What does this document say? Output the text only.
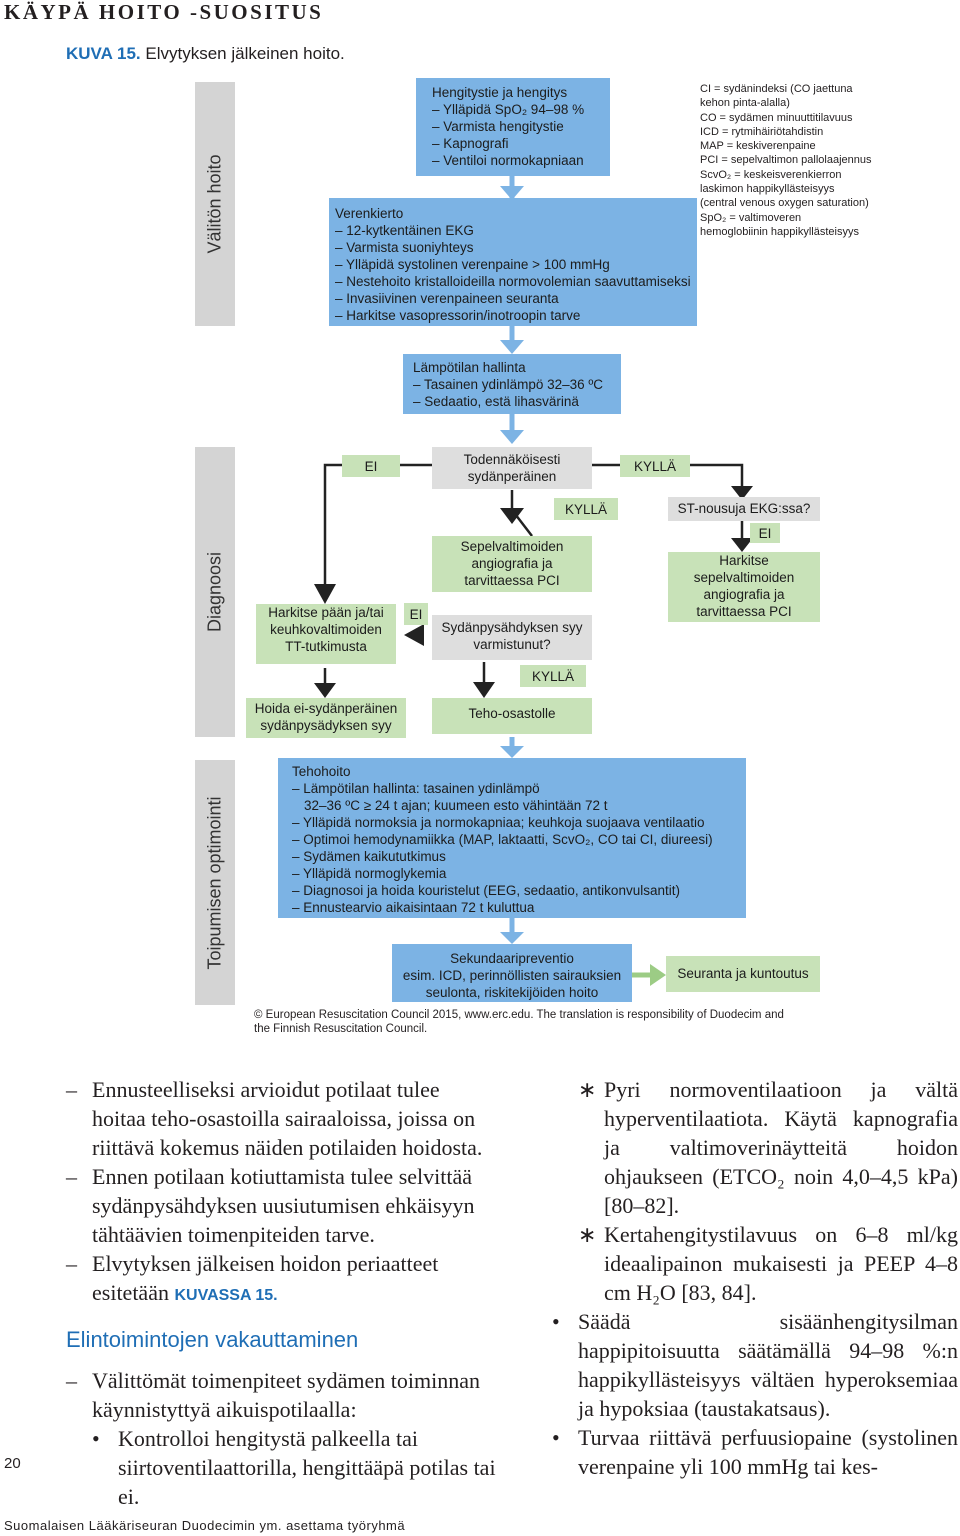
KÄYPÄ HOITO -SUOSITUS
KUVA 15. Elvytyksen jälkeinen hoito.
Välitön hoito
Diagnoosi
Toipumisen optimointi
Hengitystie ja hengitys
– Ylläpidä SpO₂ 94–98 %
– Varmista hengitystie
– Kapnografi
– Ventiloi normokapniaan
Verenkierto
– 12-kytkentäinen EKG
– Varmista suoniyhteys
– Ylläpidä systolinen verenpaine > 100 mmHg
– Nestehoito kristalloideilla normovolemian saavuttamiseksi
– Invasiivinen verenpaineen seuranta
– Harkitse vasopressorin/inotroopin tarve
CI = sydänindeksi (CO jaettuna kehon pinta-alalla)
CO = sydämen minuuttitilavuus
ICD = rytmihäiriötahdistin
MAP = keskiverenpaine
PCI = sepelvaltimon pallolaajennus
ScvO₂ = keskeisverenkierron laskimon happikyllästeisyys (central venous oxygen saturation)
SpO₂ = valtimoveren hemoglobiinin happikyllästeisyys
Lämpötilan hallinta
– Tasainen ydinlämpö 32–36 ºC
– Sedaatio, estä lihasvärinä
EI	Todennäköisesti sydänperäinen
KYLLÄ
KYLLÄ
Sepelvaltimoiden angiografia ja tarvittaessa PCI
ST-nousuja EKG:ssa?
EI
Harkitse sepelvaltimoiden angiografia ja tarvittaessa PCI
Harkitse pään ja/tai keuhkovaltimoiden TT-tutkimusta
EI
Sydänpysähdyksen syy varmistunut?
KYLLÄ
Hoida ei-sydänperäinen sydänpysädyksen syy
Teho-osastolle
Tehohoito
– Lämpötilan hallinta: tasainen ydinlämpö
32–36 ºC ≥ 24 t ajan; kuumeen esto vähintään 72 t
– Ylläpidä normoksia ja normokapniaa; keuhkoja suojaava ventilaatio
– Optimoi hemodynamiikka (MAP, laktaatti, ScvO₂, CO tai CI, diureesi)
– Sydämen kaikututkimus
– Ylläpidä normoglykemia
– Diagnosoi ja hoida kouristelut (EEG, sedaatio, antikonvulsantit)
– Ennustearvio aikaisintaan 72 t kuluttua
Sekundaaripreventio
esim. ICD, perinnöllisten sairauksien
seulonta, riskitekijöiden hoito
Seuranta ja kuntoutus
© European Resuscitation Council 2015, www.erc.edu. The translation is responsibility of Duodecim and
the Finnish Resuscitation Council.
– Ennusteelliseksi arvioidut potilaat tulee hoitaa teho-osastoilla sairaaloissa, joissa on riittävä kokemus näiden potilaiden hoidosta.
– Ennen potilaan kotiuttamista tulee selvittää sydänpysähdyksen uusiutumisen ehkäisyyn tähtäävien toimenpiteiden tarve.
– Elvytyksen jälkeisen hoidon periaatteet esitetään KUVASSA 15.
Elintoimintojen vakauttaminen
– Välittömät toimenpiteet sydämen toiminnan käynnistyttyä aikuispotilaalla:
• Kontrolloi hengitystä palkeella tai siirtoventilaattorilla, hengittääpä potilas tai ei.
∗ Pyri normoventilaatioon ja vältä hyperventilaatiota. Käytä kapnografia ja valtimoverinäytteitä hoidon ohjaukseen (ETCO₂ noin 4,0–4,5 kPa) [80–82].
∗ Kertahengitystilavuus on 6–8 ml/kg ideaalipainon mukaisesti ja PEEP 4–8 cm H₂O [83, 84].
• Säädä sisäänhengitysilman happipitoisuutta säätämällä 94–98 %:n happikyllästeisyys vältäen hyperoksemiaa ja hypoksiaa (taustakatsaus).
• Turvaa riittävä perfuusiopaine (systolinen verenpaine yli 100 mmHg tai kes-
20
Suomalaisen Lääkäriseuran Duodecimin ym. asettama työryhmä
